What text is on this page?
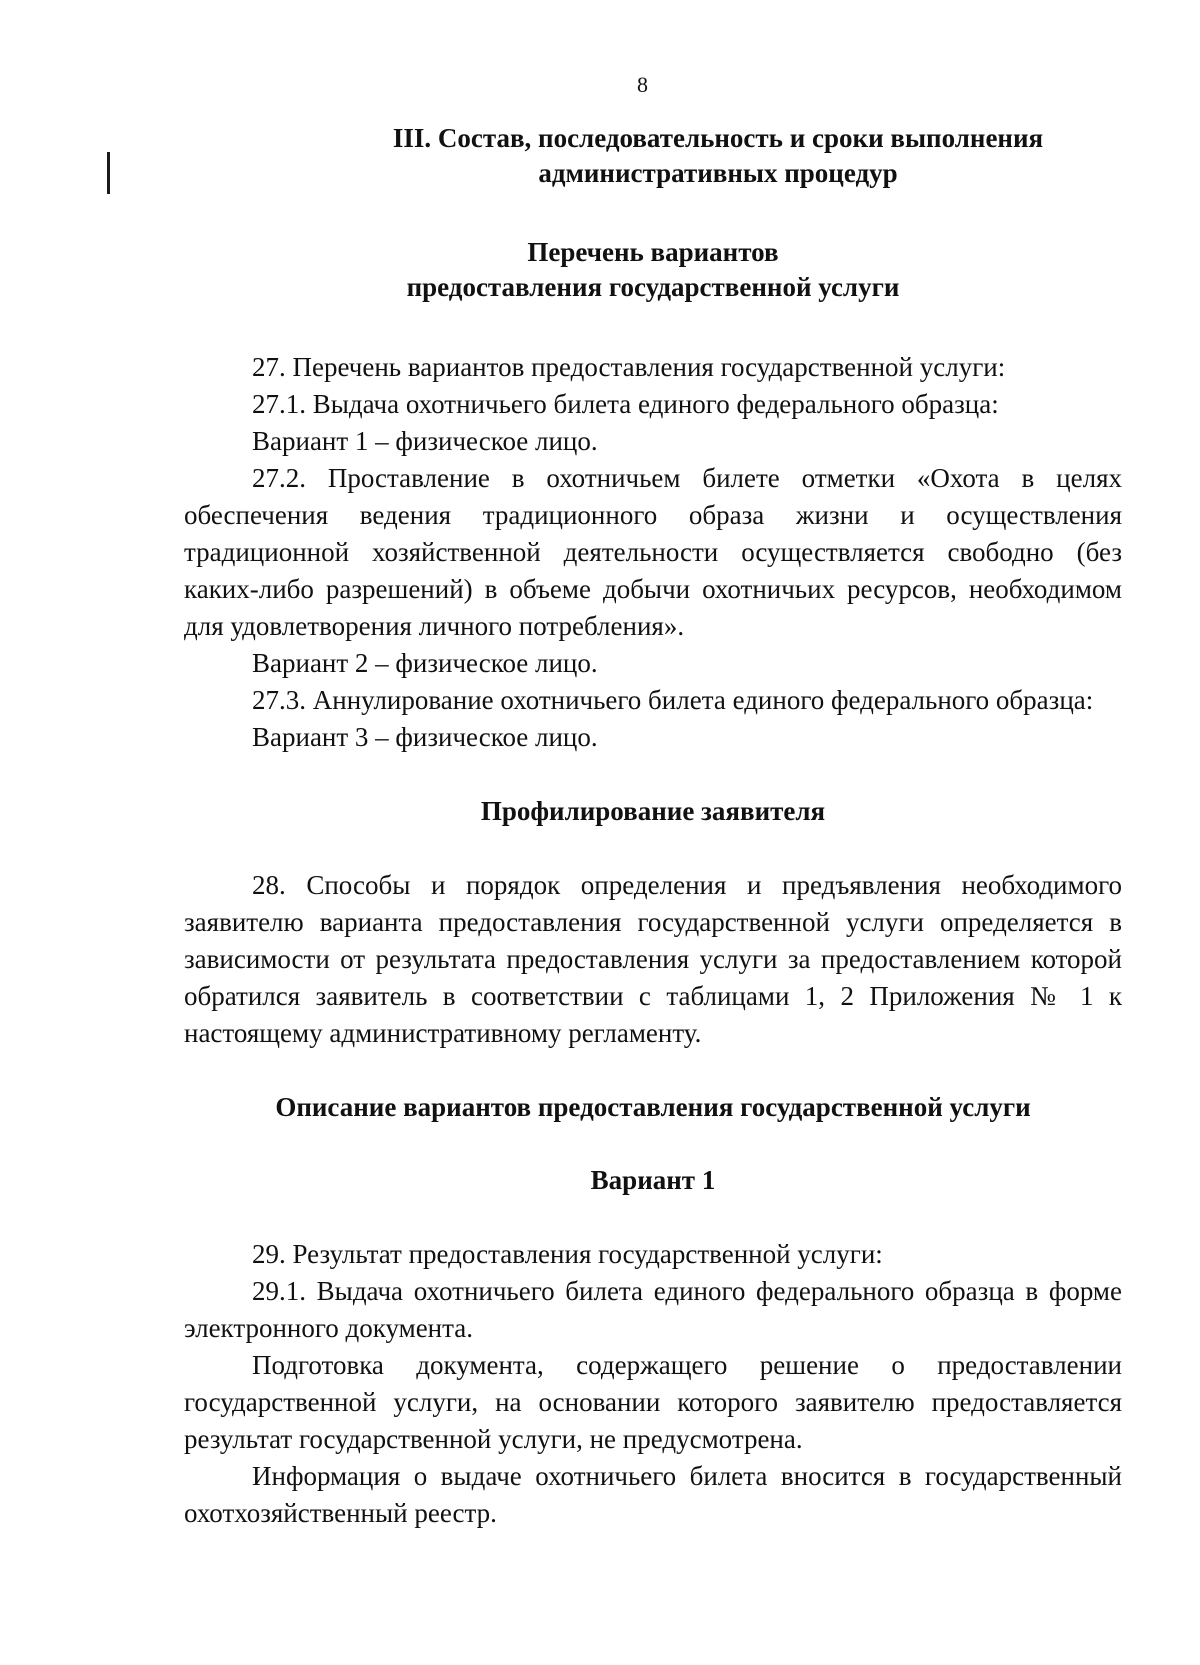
8
III. Состав, последовательность и сроки выполнения
административных процедур
Перечень вариантов
предоставления государственной услуги

27. Перечень вариантов предоставления государственной услуги:

27.1. Выдача охотничьего билета единого федерального образца:

Вариант 1 – физическое лицо.

27.2. Проставление в охотничьем билете отметки «Охота в целях обеспечения ведения традиционного образа жизни и осуществления традиционной хозяйственной деятельности осуществляется свободно (без каких-либо разрешений) в объеме добычи охотничьих ресурсов, необходимом для удовлетворения личного потребления».

Вариант 2 – физическое лицо.

27.3. Аннулирование охотничьего билета единого федерального образца:

Вариант 3 – физическое лицо.

Профилирование заявителя

28. Способы и порядок определения и предъявления необходимого заявителю варианта предоставления государственной услуги определяется в зависимости от результата предоставления услуги за предоставлением которой обратился заявитель в соответствии с таблицами 1, 2 Приложения № 1 к настоящему административному регламенту.

Описание вариантов предоставления государственной услуги
Вариант 1

29. Результат предоставления государственной услуги:

29.1. Выдача охотничьего билета единого федерального образца в форме электронного документа.

Подготовка документа, содержащего решение о предоставлении государственной услуги, на основании которого заявителю предоставляется результат государственной услуги, не предусмотрена.

Информация о выдаче охотничьего билета вносится в государственный охотхозяйственный реестр.
